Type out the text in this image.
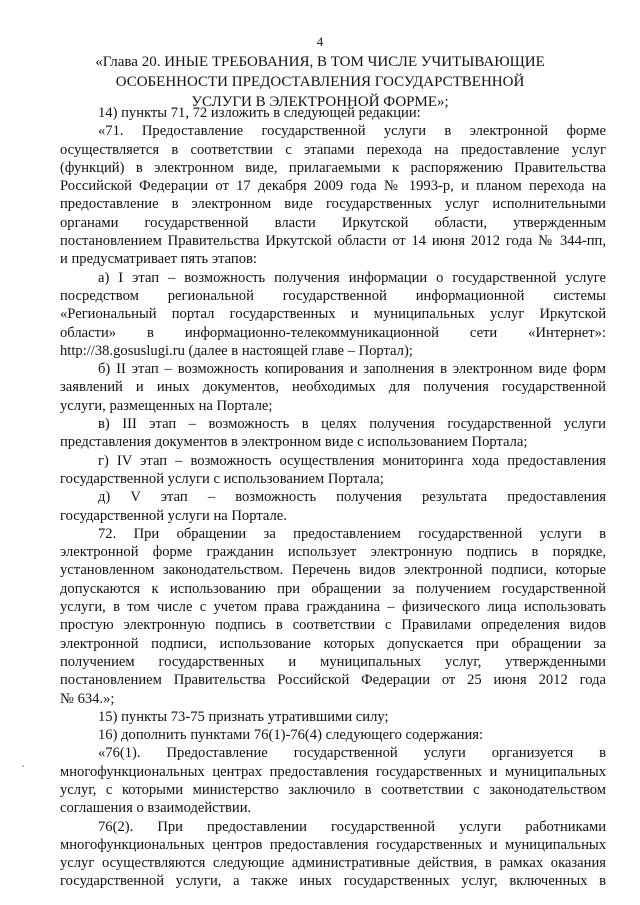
4
«Глава 20. ИНЫЕ ТРЕБОВАНИЯ, В ТОМ ЧИСЛЕ УЧИТЫВАЮЩИЕ
ОСОБЕННОСТИ ПРЕДОСТАВЛЕНИЯ ГОСУДАРСТВЕННОЙ
УСЛУГИ В ЭЛЕКТРОННОЙ ФОРМЕ»;
14) пункты 71, 72 изложить в следующей редакции:
«71. Предоставление государственной услуги в электронной форме
осуществляется в соответствии с этапами перехода на предоставление услуг
(функций) в электронном виде, прилагаемыми к распоряжению Правительства
Российской Федерации от 17 декабря 2009 года № 1993-р, и планом перехода на
предоставление в электронном виде государственных услуг исполнительными
органами государственной власти Иркутской области, утвержденным
постановлением Правительства Иркутской области от 14 июня 2012 года № 344-пп,
и предусматривает пять этапов:
а) I этап – возможность получения информации о государственной услуге
посредством региональной государственной информационной системы
«Региональный портал государственных и муниципальных услуг Иркутской
области» в информационно-телекоммуникационной сети «Интернет»:
http://38.gosuslugi.ru (далее в настоящей главе – Портал);
б) II этап – возможность копирования и заполнения в электронном виде форм
заявлений и иных документов, необходимых для получения государственной
услуги, размещенных на Портале;
в) III этап – возможность в целях получения государственной услуги
представления документов в электронном виде с использованием Портала;
г) IV этап – возможность осуществления мониторинга хода предоставления
государственной услуги с использованием Портала;
д) V этап – возможность получения результата предоставления
государственной услуги на Портале.
72. При обращении за предоставлением государственной услуги в
электронной форме гражданин использует электронную подпись в порядке,
установленном законодательством. Перечень видов электронной подписи, которые
допускаются к использованию при обращении за получением государственной
услуги, в том числе с учетом права гражданина – физического лица использовать
простую электронную подпись в соответствии с Правилами определения видов
электронной подписи, использование которых допускается при обращении за
получением государственных и муниципальных услуг, утвержденными
постановлением Правительства Российской Федерации от 25 июня 2012 года
№ 634.»;
15) пункты 73-75 признать утратившими силу;
16) дополнить пунктами 76(1)-76(4) следующего содержания:
«76(1). Предоставление государственной услуги организуется в
многофункциональных центрах предоставления государственных и муниципальных
услуг, с которыми министерство заключило в соответствии с законодательством
соглашения о взаимодействии.
76(2). При предоставлении государственной услуги работниками
многофункциональных центров предоставления государственных и муниципальных
услуг осуществляются следующие административные действия, в рамках оказания
государственной услуги, а также иных государственных услуг, включенных в
